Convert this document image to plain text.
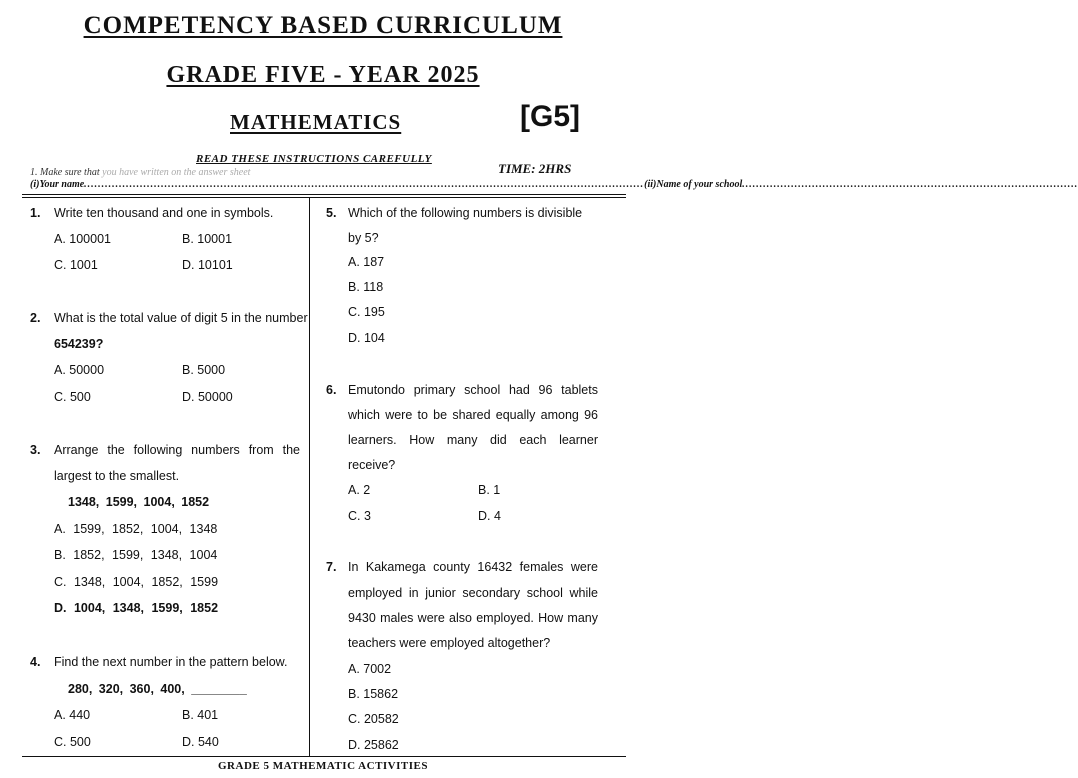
COMPETENCY BASED CURRICULUM
GRADE FIVE - YEAR 2025
MATHEMATICS	[G5]
READ THESE INSTRUCTIONS CAREFULLY
1. Make sure that you have written on the answer sheet	TIME: 2HRS
(i)Your name ................................................................................................................................................................ (ii)Name of your school ................................................................................................
1. Write ten thousand and one in symbols.
A. 100001	B. 10001
C. 1001	D. 10101
2. What is the total value of digit 5 in the number
654239?
A. 50000	B. 5000
C. 500	D. 50000
3. Arrange the following numbers from the
largest to the smallest.
1348, 1599, 1004, 1852
A. 1599, 1852, 1004, 1348
B. 1852, 1599, 1348, 1004
C. 1348, 1004, 1852, 1599
D. 1004, 1348, 1599, 1852
4. Find the next number in the pattern below.
280, 320, 360, 400, ________
A. 440	B. 401
C. 500	D. 540
5. Which of the following numbers is divisible
by 5?
A. 187
B. 118
C. 195
D. 104
6. Emutondo primary school had 96 tablets
which were to be shared equally among 96
learners. How many did each learner
receive?
A. 2	B. 1
C. 3	D. 4
7. In Kakamega county 16432 females were
employed in junior secondary school while
9430 males were also employed. How many
teachers were employed altogether?
A. 7002
B. 15862
C. 20582
D. 25862
GRADE 5 MATHEMATIC ACTIVITIES
